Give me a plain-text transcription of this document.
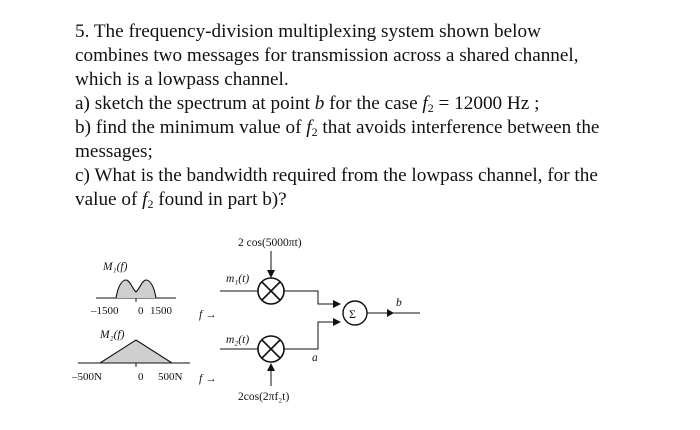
5. The frequency-division multiplexing system shown below
combines two messages for transmission across a shared channel,
which is a lowpass channel.
a) sketch the spectrum at point b for the case $f_2 = 12000$ Hz ;
b) find the minimum value of $f_2$ that avoids interference between the
messages;
c) What is the bandwidth required from the lowpass channel, for the
value of $f_2$ found in part b)?
M₁(f)
–1500 0 1500 f →
M₂(f)
–500N	0 500N f →
2 cos(5000πt)
m₁(t)
m₂(t)
a
2cos(2πf₂t)
Σ
b
